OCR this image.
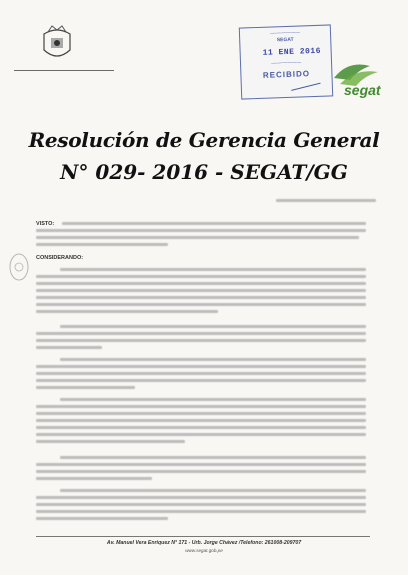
——————
SEGAT
11 ENE 2016
——————
RECIBIDO
segat
Resolución de Gerencia General
N° 029- 2016 - SEGAT/GG
VISTO:
CONSIDERANDO:
Av. Manuel Vera Enriquez N° 171 - Urb. Jorge Chávez /Telefono: 261008-209707
www.segat.gob.pe
